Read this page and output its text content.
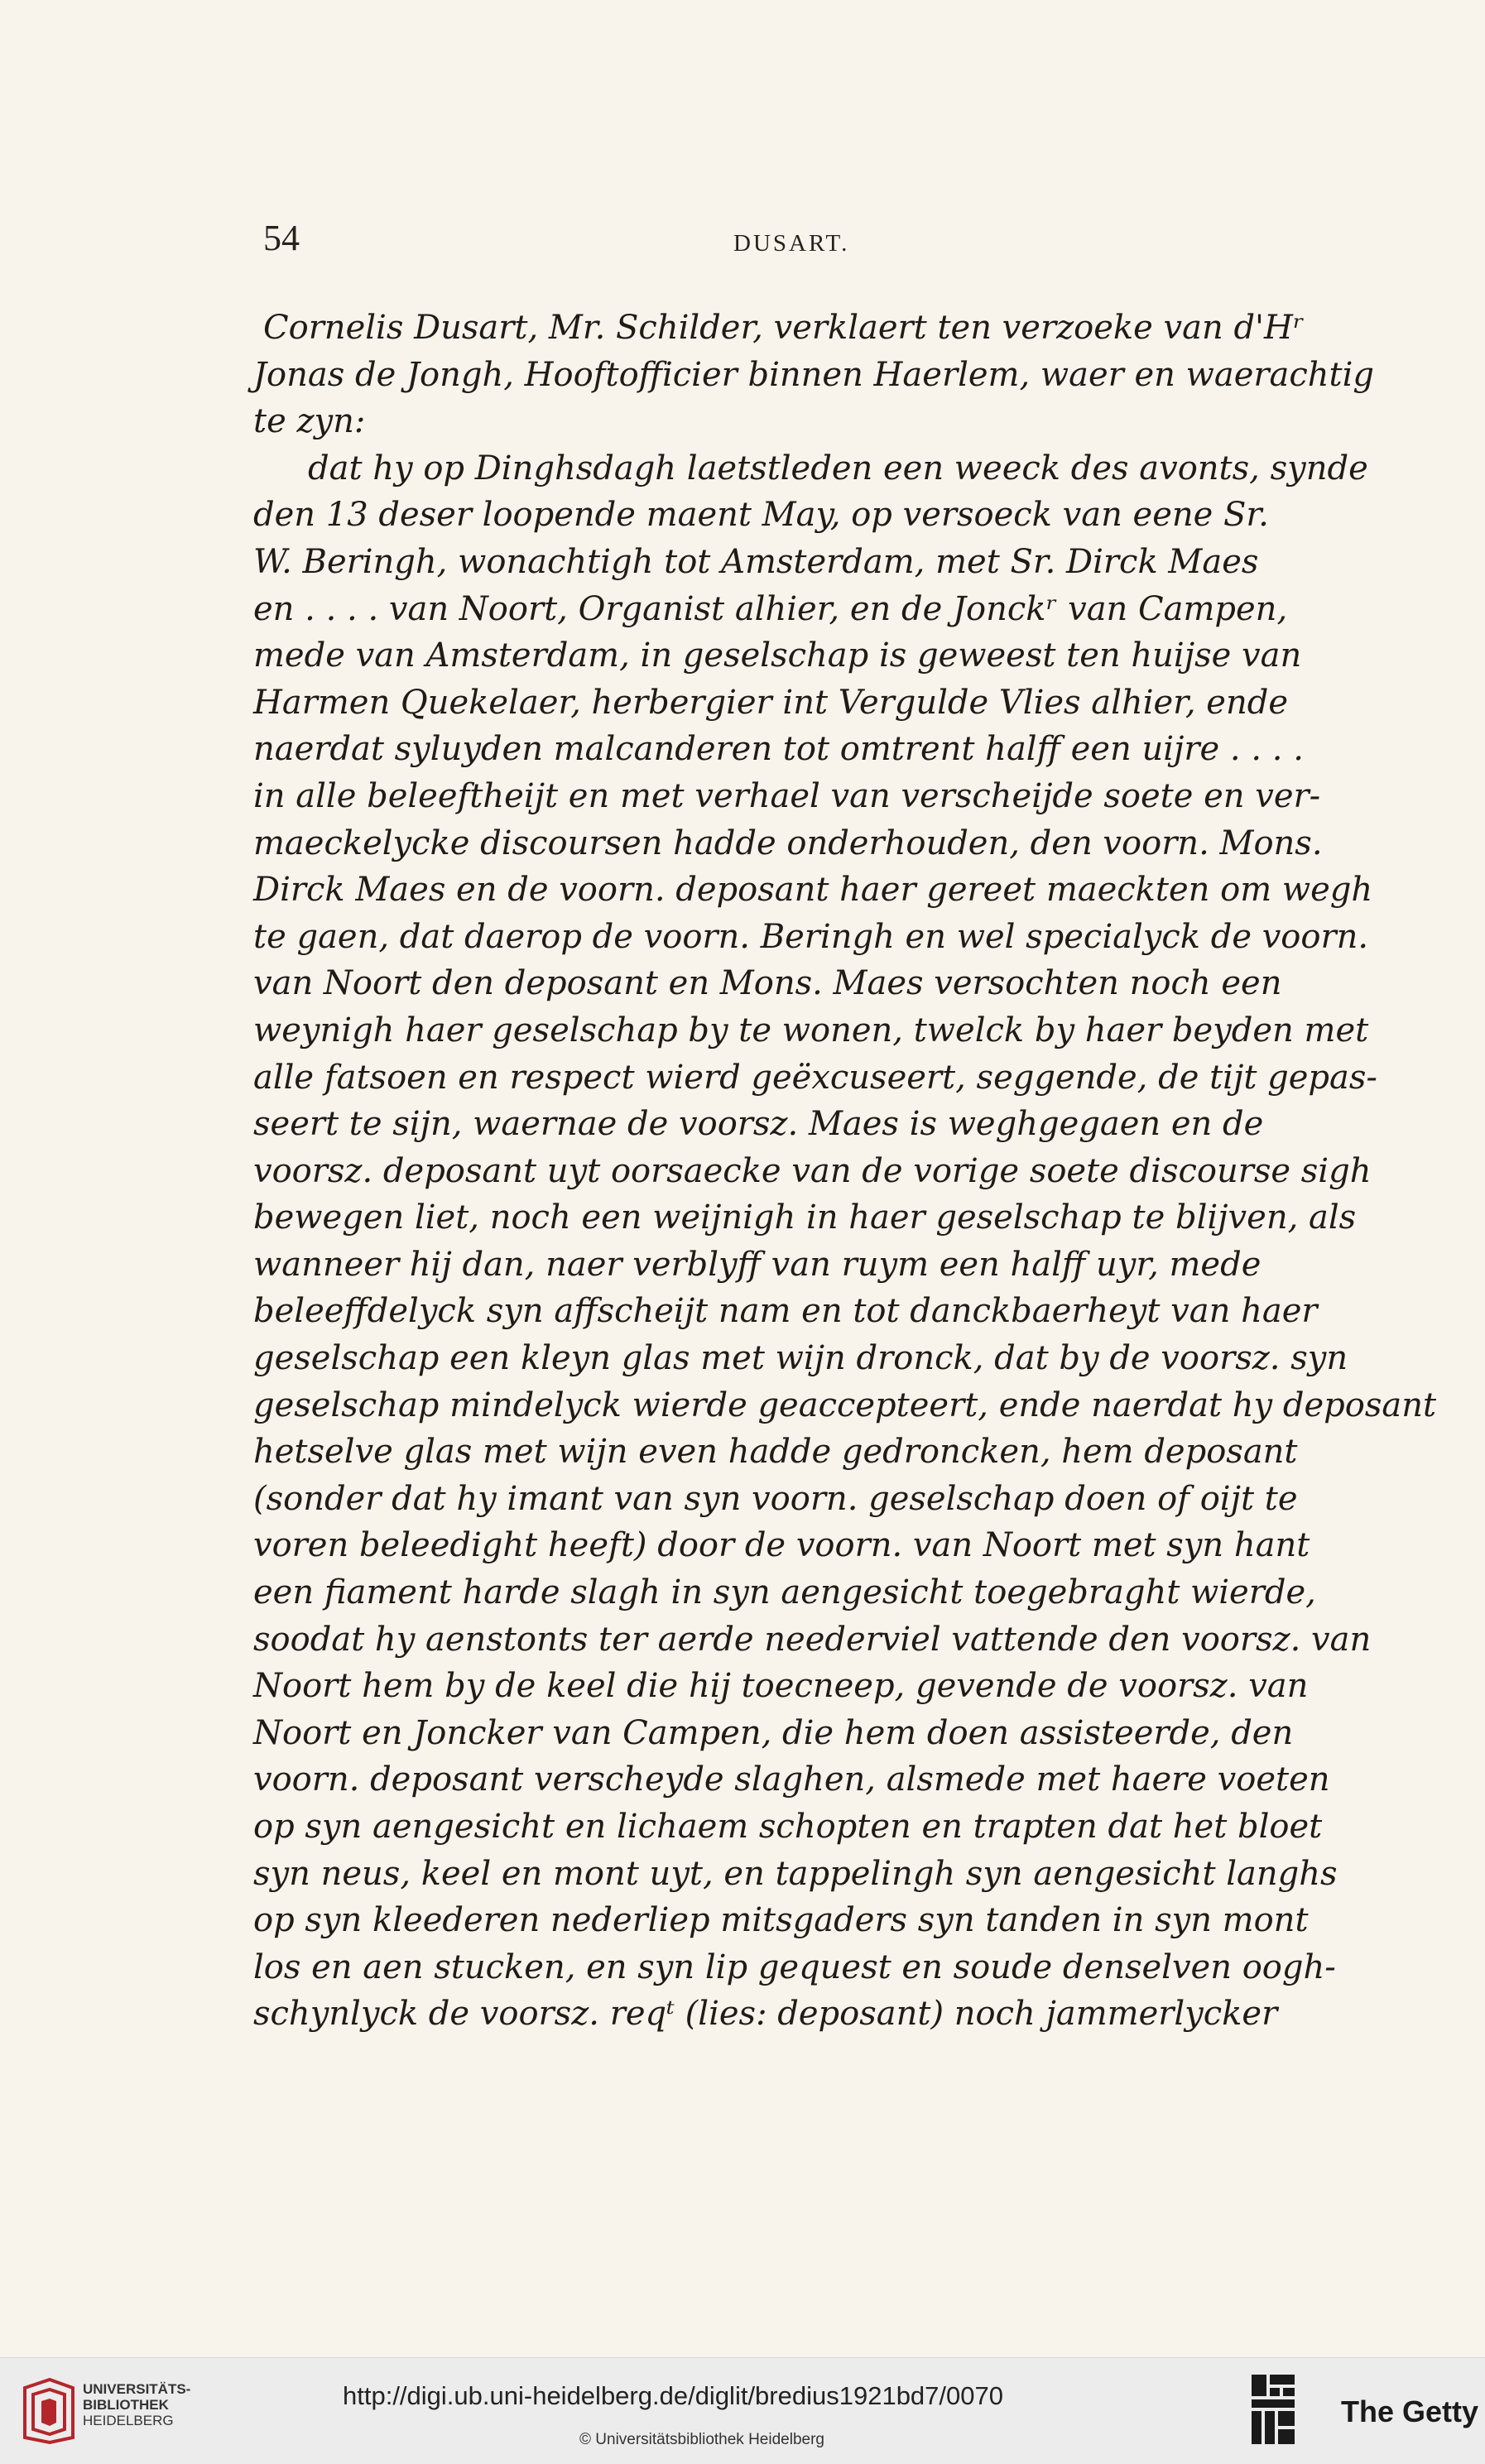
54	DUSART.
Cornelis Dusart, Mr. Schilder, verklaert ten verzoeke van d'Hʳ
Jonas de Jongh, Hooftofficier binnen Haerlem, waer en waerachtig
te zyn:
dat hy op Dinghsdagh laetstleden een weeck des avonts, synde
den 13 deser loopende maent May, op versoeck van eene Sr.
W. Beringh, wonachtigh tot Amsterdam, met Sr. Dirck Maes
en . . . . van Noort, Organist alhier, en de Jonckʳ van Campen,
mede van Amsterdam, in geselschap is geweest ten huijse van
Harmen Quekelaer, herbergier int Vergulde Vlies alhier, ende
naerdat syluyden malcanderen tot omtrent halff een uijre . . . .
in alle beleeftheijt en met verhael van verscheijde soete en ver-
maeckelycke discoursen hadde onderhouden, den voorn. Mons.
Dirck Maes en de voorn. deposant haer gereet maeckten om wegh
te gaen, dat daerop de voorn. Beringh en wel specialyck de voorn.
van Noort den deposant en Mons. Maes versochten noch een
weynigh haer geselschap by te wonen, twelck by haer beyden met
alle fatsoen en respect wierd geëxcuseert, seggende, de tijt gepas-
seert te sijn, waernae de voorsz. Maes is weghgegaen en de
voorsz. deposant uyt oorsaecke van de vorige soete discourse sigh
bewegen liet, noch een weijnigh in haer geselschap te blijven, als
wanneer hij dan, naer verblyff van ruym een halff uyr, mede
beleeffdelyck syn affscheijt nam en tot danckbaerheyt van haer
geselschap een kleyn glas met wijn dronck, dat by de voorsz. syn
geselschap mindelyck wierde geaccepteert, ende naerdat hy deposant
hetselve glas met wijn even hadde gedroncken, hem deposant
(sonder dat hy imant van syn voorn. geselschap doen of oijt te
voren beleedight heeft) door de voorn. van Noort met syn hant
een fiament harde slagh in syn aengesicht toegebraght wierde,
soodat hy aenstonts ter aerde neederviel vattende den voorsz. van
Noort hem by de keel die hij toecneep, gevende de voorsz. van
Noort en Joncker van Campen, die hem doen assisteerde, den
voorn. deposant verscheyde slaghen, alsmede met haere voeten
op syn aengesicht en lichaem schopten en trapten dat het bloet
syn neus, keel en mont uyt, en tappelingh syn aengesicht langhs
op syn kleederen nederliep mitsgaders syn tanden in syn mont
los en aen stucken, en syn lip gequest en soude denselven oogh-
schynlyck de voorsz. reqᵗ (lies: deposant) noch jammerlycker
UNIVERSITÄTS-
BIBLIOTHEK
HEIDELBERG
http://digi.ub.uni-heidelberg.de/diglit/bredius1921bd7/0070
© Universitätsbibliothek Heidelberg
The Getty
